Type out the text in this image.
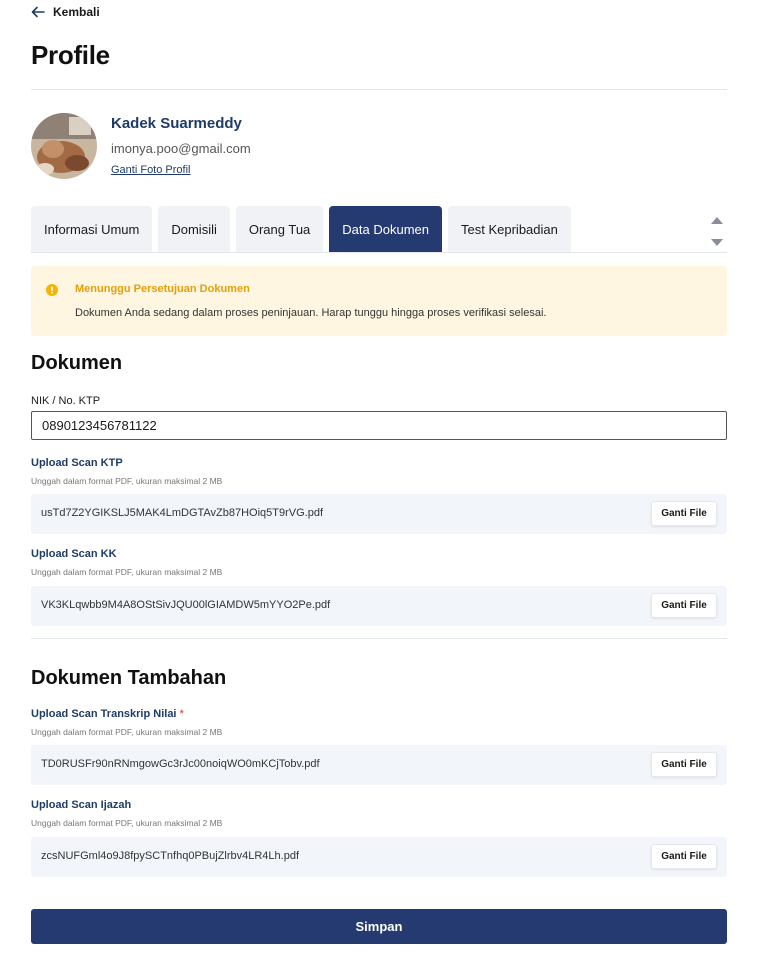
Kembali
Profile
Kadek Suarmeddy
imonya.poo@gmail.com
Ganti Foto Profil
Informasi Umum	Domisili	Orang Tua	Data Dokumen	Test Kepribadian
Menunggu Persetujuan Dokumen
Dokumen Anda sedang dalam proses peninjauan. Harap tunggu hingga proses verifikasi selesai.
Dokumen
NIK / No. KTP
0890123456781122
Upload Scan KTP
Unggah dalam format PDF, ukuran maksimal 2 MB
usTd7Z2YGIKSLJ5MAK4LmDGTAvZb87HOiq5T9rVG.pdf	Ganti File
Upload Scan KK
Unggah dalam format PDF, ukuran maksimal 2 MB
VK3KLqwbb9M4A8OStSivJQU00lGIAMDW5mYYO2Pe.pdf	Ganti File
Dokumen Tambahan
Upload Scan Transkrip Nilai *
Unggah dalam format PDF, ukuran maksimal 2 MB
TD0RUSFr90nRNmgowGc3rJc00noiqWO0mKCjTobv.pdf	Ganti File
Upload Scan Ijazah
Unggah dalam format PDF, ukuran maksimal 2 MB
zcsNUFGml4o9J8fpySCTnfhq0PBujZlrbv4LR4Lh.pdf	Ganti File
Simpan
